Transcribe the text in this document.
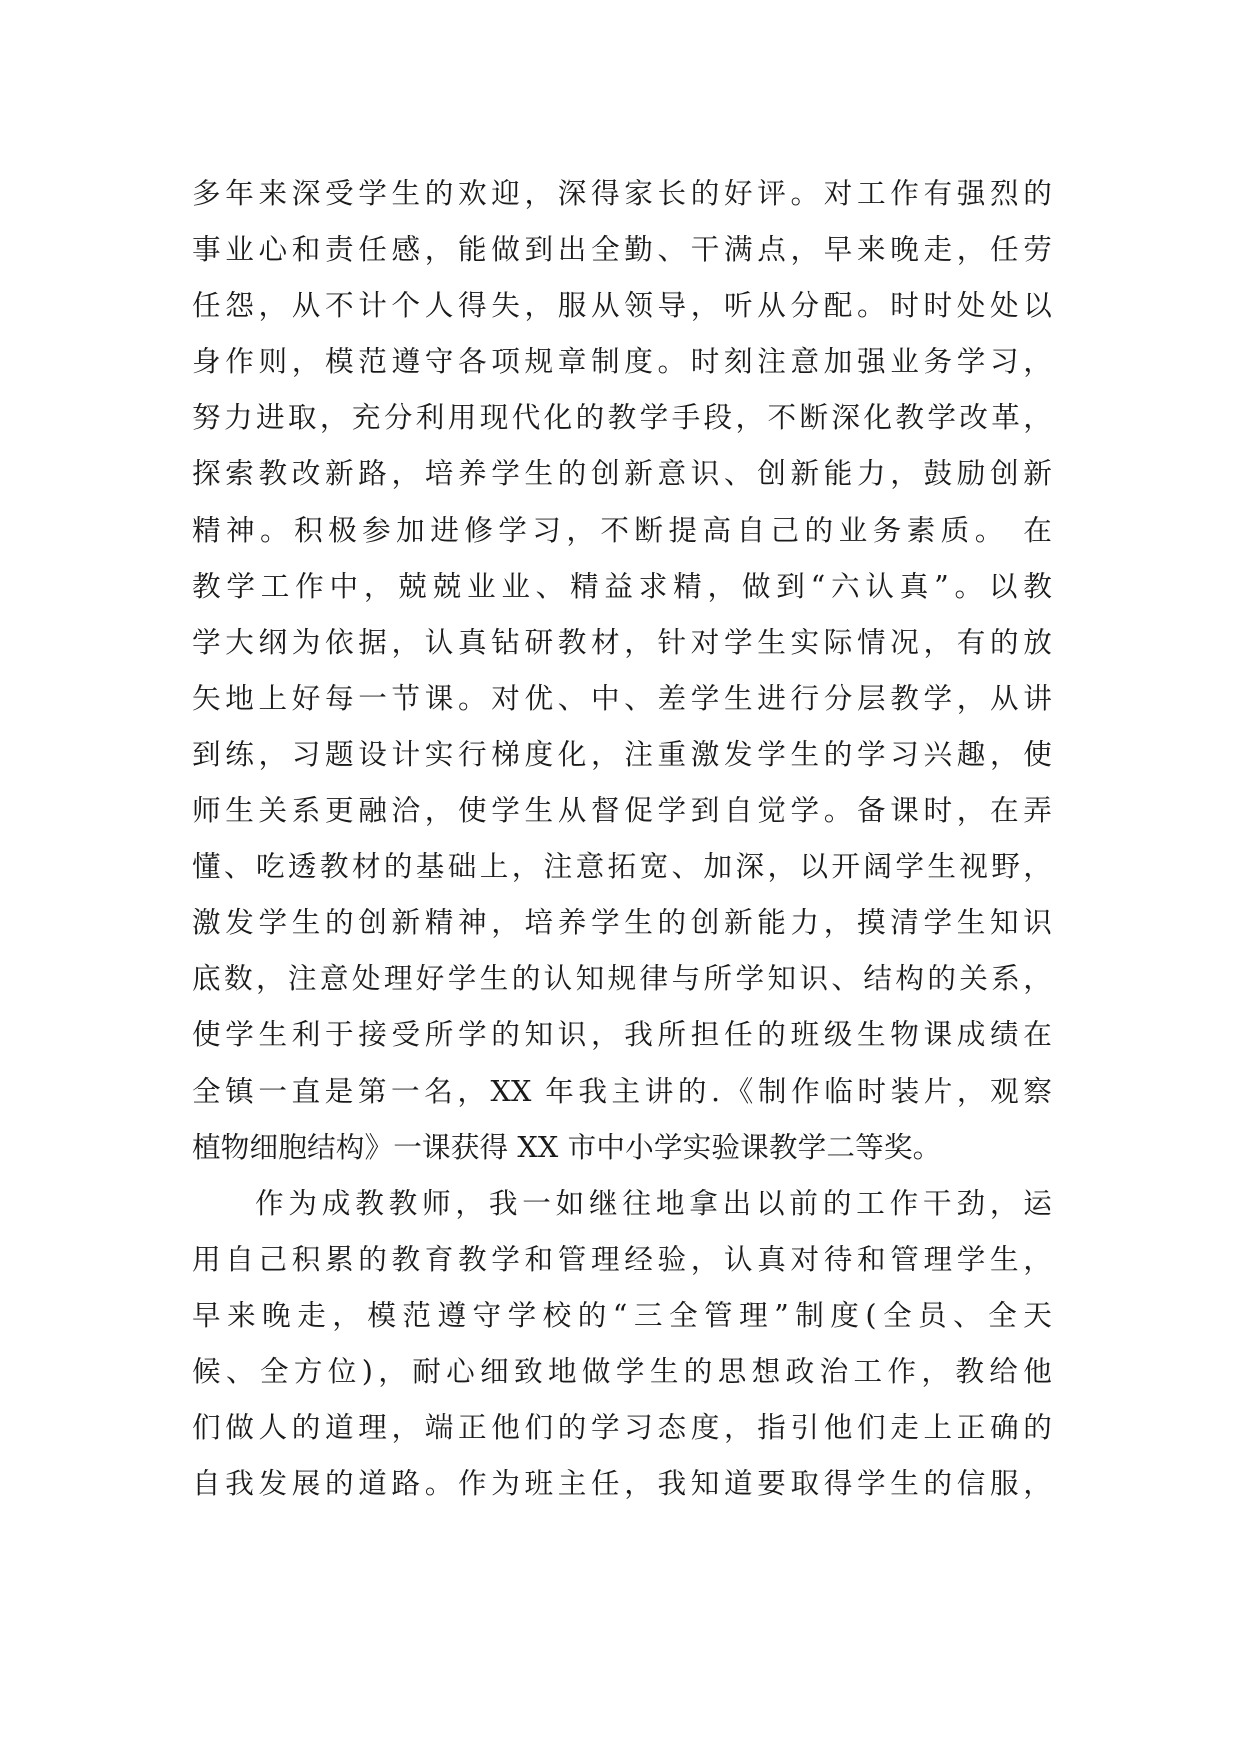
多年来深受学生的欢迎，深得家长的好评。对工作有强烈的
事业心和责任感，能做到出全勤、干满点，早来晚走，任劳
任怨，从不计个人得失，服从领导，听从分配。时时处处以
身作则，模范遵守各项规章制度。时刻注意加强业务学习，
努力进取，充分利用现代化的教学手段，不断深化教学改革，
探索教改新路，培养学生的创新意识、创新能力，鼓励创新
精神。积极参加进修学习，不断提高自己的业务素质。 在
教学工作中，兢兢业业、精益求精，做到“六认真”。以教
学大纲为依据，认真钻研教材，针对学生实际情况，有的放
矢地上好每一节课。对优、中、差学生进行分层教学，从讲
到练，习题设计实行梯度化，注重激发学生的学习兴趣，使
师生关系更融洽，使学生从督促学到自觉学。备课时，在弄
懂、吃透教材的基础上，注意拓宽、加深，以开阔学生视野，
激发学生的创新精神，培养学生的创新能力，摸清学生知识
底数，注意处理好学生的认知规律与所学知识、结构的关系，
使学生利于接受所学的知识，我所担任的班级生物课成绩在
全镇一直是第一名，XX 年我主讲的.《制作临时装片，观察
植物细胞结构》一课获得 XX 市中小学实验课教学二等奖。
作为成教教师，我一如继往地拿出以前的工作干劲，运
用自己积累的教育教学和管理经验，认真对待和管理学生，
早来晚走，模范遵守学校的“三全管理”制度(全员、全天
候、全方位)，耐心细致地做学生的思想政治工作，教给他
们做人的道理，端正他们的学习态度，指引他们走上正确的
自我发展的道路。作为班主任，我知道要取得学生的信服，
